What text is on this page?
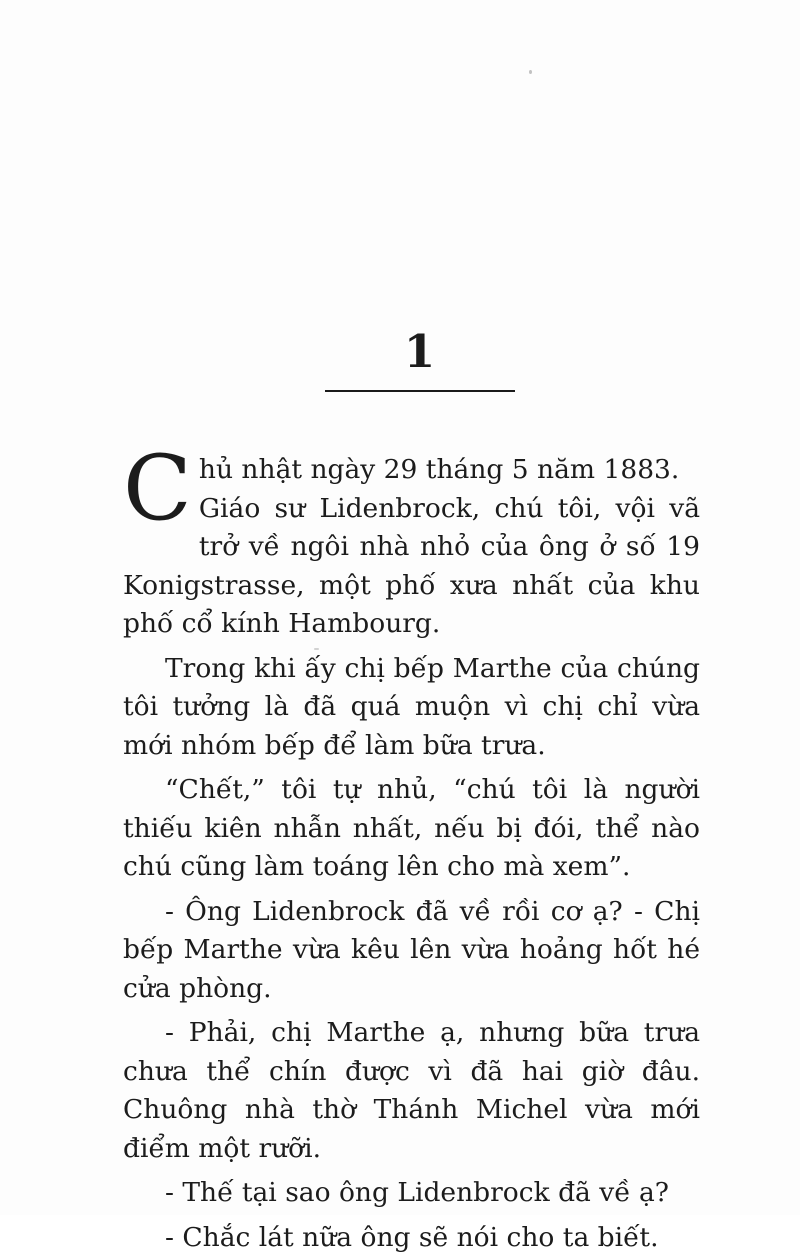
1

Chủ nhật ngày 29 tháng 5 năm 1883.

Giáo sư Lidenbrock, chú tôi, vội vã trở về ngôi nhà nhỏ của ông ở số 19 Konigstrasse, một phố xưa nhất của khu phố cổ kính Hambourg.

Trong khi ấy chị bếp Marthe của chúng tôi tưởng là đã quá muộn vì chị chỉ vừa mới nhóm bếp để làm bữa trưa.

“Chết,” tôi tự nhủ, “chú tôi là người thiếu kiên nhẫn nhất, nếu bị đói, thể nào chú cũng làm toáng lên cho mà xem”.

- Ông Lidenbrock đã về rồi cơ ạ? - Chị bếp Marthe vừa kêu lên vừa hoảng hốt hé cửa phòng.

- Phải, chị Marthe ạ, nhưng bữa trưa chưa thể chín được vì đã hai giờ đâu. Chuông nhà thờ Thánh Michel vừa mới điểm một rưỡi.

- Thế tại sao ông Lidenbrock đã về ạ?

- Chắc lát nữa ông sẽ nói cho ta biết.
